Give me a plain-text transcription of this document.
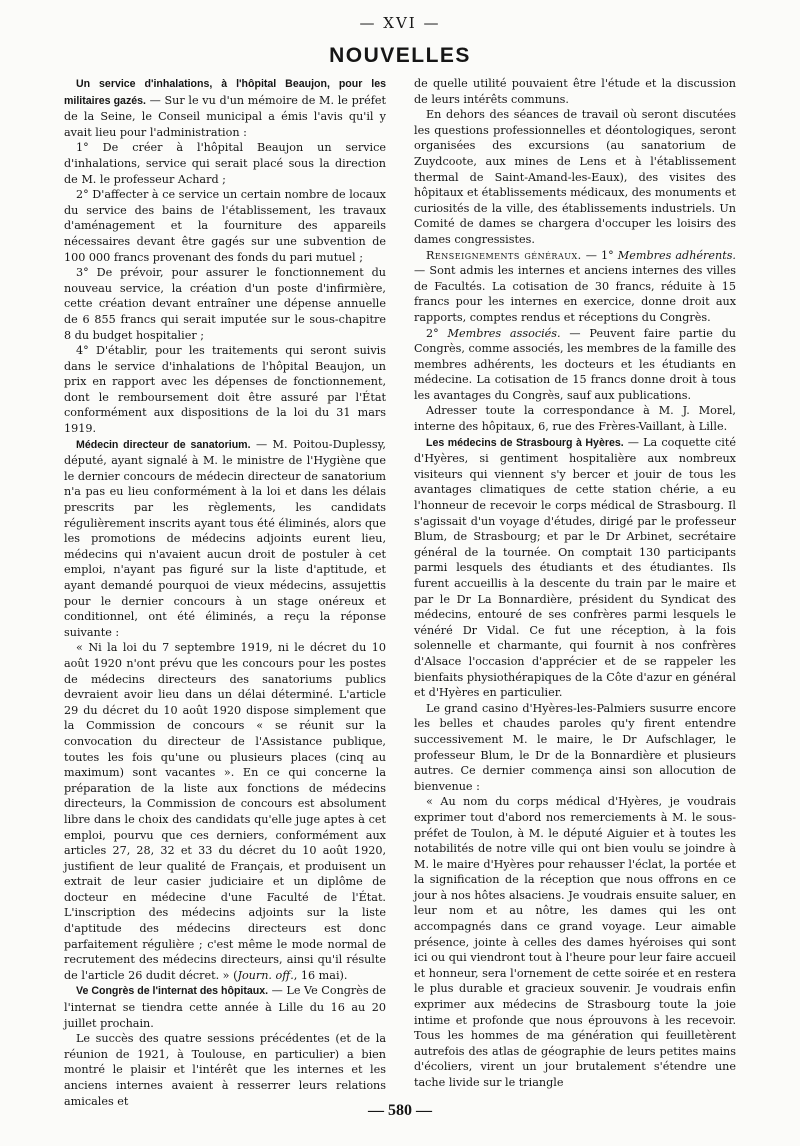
— XVI —
NOUVELLES

Un service d'inhalations, à l'hôpital Beaujon, pour les militaires gazés. — Sur le vu d'un mémoire de M. le préfet de la Seine, le Conseil municipal a émis l'avis qu'il y avait lieu pour l'administration :

1° De créer à l'hôpital Beaujon un service d'inhalations, service qui serait placé sous la direction de M. le professeur Achard ;

2° D'affecter à ce service un certain nombre de locaux du service des bains de l'établissement, les travaux d'aménagement et la fourniture des appareils nécessaires devant être gagés sur une subvention de 100 000 francs provenant des fonds du pari mutuel ;

3° De prévoir, pour assurer le fonctionnement du nouveau service, la création d'un poste d'infirmière, cette création devant entraîner une dépense annuelle de 6 855 francs qui serait imputée sur le sous-chapitre 8 du budget hospitalier ;

4° D'établir, pour les traitements qui seront suivis dans le service d'inhalations de l'hôpital Beaujon, un prix en rapport avec les dépenses de fonctionnement, dont le remboursement doit être assuré par l'État conformément aux dispositions de la loi du 31 mars 1919.

Médecin directeur de sanatorium. — M. Poitou-Duplessy, député, ayant signalé à M. le ministre de l'Hygiène que le dernier concours de médecin directeur de sanatorium n'a pas eu lieu conformément à la loi et dans les délais prescrits par les règlements, les candidats régulièrement inscrits ayant tous été éliminés, alors que les promotions de médecins adjoints eurent lieu, médecins qui n'avaient aucun droit de postuler à cet emploi, n'ayant pas figuré sur la liste d'aptitude, et ayant demandé pourquoi de vieux médecins, assujettis pour le dernier concours à un stage onéreux et conditionnel, ont été éliminés, a reçu la réponse suivante :

« Ni la loi du 7 septembre 1919, ni le décret du 10 août 1920 n'ont prévu que les concours pour les postes de médecins directeurs des sanatoriums publics devraient avoir lieu dans un délai déterminé. L'article 29 du décret du 10 août 1920 dispose simplement que la Commission de concours « se réunit sur la convocation du directeur de l'Assistance publique, toutes les fois qu'une ou plusieurs places (cinq au maximum) sont vacantes ». En ce qui concerne la préparation de la liste aux fonctions de médecins directeurs, la Commission de concours est absolument libre dans le choix des candidats qu'elle juge aptes à cet emploi, pourvu que ces derniers, conformément aux articles 27, 28, 32 et 33 du décret du 10 août 1920, justifient de leur qualité de Français, et produisent un extrait de leur casier judiciaire et un diplôme de docteur en médecine d'une Faculté de l'État. L'inscription des médecins adjoints sur la liste d'aptitude des médecins directeurs est donc parfaitement régulière ; c'est même le mode normal de recrutement des médecins directeurs, ainsi qu'il résulte de l'article 26 dudit décret. » (Journ. off., 16 mai).

Ve Congrès de l'internat des hôpitaux. — Le Ve Congrès de l'internat se tiendra cette année à Lille du 16 au 20 juillet prochain.

Le succès des quatre sessions précédentes (et de la réunion de 1921, à Toulouse, en particulier) a bien montré le plaisir et l'intérêt que les internes et les anciens internes avaient à resserrer leurs relations amicales et

de quelle utilité pouvaient être l'étude et la discussion de leurs intérêts communs.

En dehors des séances de travail où seront discutées les questions professionnelles et déontologiques, seront organisées des excursions (au sanatorium de Zuydcoote, aux mines de Lens et à l'établissement thermal de Saint-Amand-les-Eaux), des visites des hôpitaux et établissements médicaux, des monuments et curiosités de la ville, des établissements industriels. Un Comité de dames se chargera d'occuper les loisirs des dames congressistes.

Renseignements généraux. — 1° Membres adhérents. — Sont admis les internes et anciens internes des villes de Facultés. La cotisation de 30 francs, réduite à 15 francs pour les internes en exercice, donne droit aux rapports, comptes rendus et réceptions du Congrès.

2° Membres associés. — Peuvent faire partie du Congrès, comme associés, les membres de la famille des membres adhérents, les docteurs et les étudiants en médecine. La cotisation de 15 francs donne droit à tous les avantages du Congrès, sauf aux publications.

Adresser toute la correspondance à M. J. Morel, interne des hôpitaux, 6, rue des Frères-Vaillant, à Lille.

Les médecins de Strasbourg à Hyères. — La coquette cité d'Hyères, si gentiment hospitalière aux nombreux visiteurs qui viennent s'y bercer et jouir de tous les avantages climatiques de cette station chérie, a eu l'honneur de recevoir le corps médical de Strasbourg. Il s'agissait d'un voyage d'études, dirigé par le professeur Blum, de Strasbourg; et par le Dr Arbinet, secrétaire général de la tournée. On comptait 130 participants parmi lesquels des étudiants et des étudiantes. Ils furent accueillis à la descente du train par le maire et par le Dr La Bonnardière, président du Syndicat des médecins, entouré de ses confrères parmi lesquels le vénéré Dr Vidal. Ce fut une réception, à la fois solennelle et charmante, qui fournit à nos confrères d'Alsace l'occasion d'apprécier et de se rappeler les bienfaits physiothérapiques de la Côte d'azur en général et d'Hyères en particulier.

Le grand casino d'Hyères-les-Palmiers susurre encore les belles et chaudes paroles qu'y firent entendre successivement M. le maire, le Dr Aufschlager, le professeur Blum, le Dr de la Bonnardière et plusieurs autres. Ce dernier commença ainsi son allocution de bienvenue :

« Au nom du corps médical d'Hyères, je voudrais exprimer tout d'abord nos remerciements à M. le sous-préfet de Toulon, à M. le député Aiguier et à toutes les notabilités de notre ville qui ont bien voulu se joindre à M. le maire d'Hyères pour rehausser l'éclat, la portée et la signification de la réception que nous offrons en ce jour à nos hôtes alsaciens. Je voudrais ensuite saluer, en leur nom et au nôtre, les dames qui les ont accompagnés dans ce grand voyage. Leur aimable présence, jointe à celles des dames hyéroises qui sont ici ou qui viendront tout à l'heure pour leur faire accueil et honneur, sera l'ornement de cette soirée et en restera le plus durable et gracieux souvenir. Je voudrais enfin exprimer aux médecins de Strasbourg toute la joie intime et profonde que nous éprouvons à les recevoir. Tous les hommes de ma génération qui feuilletèrent autrefois des atlas de géographie de leurs petites mains d'écoliers, virent un jour brutalement s'étendre une tache livide sur le triangle

— 580 —
